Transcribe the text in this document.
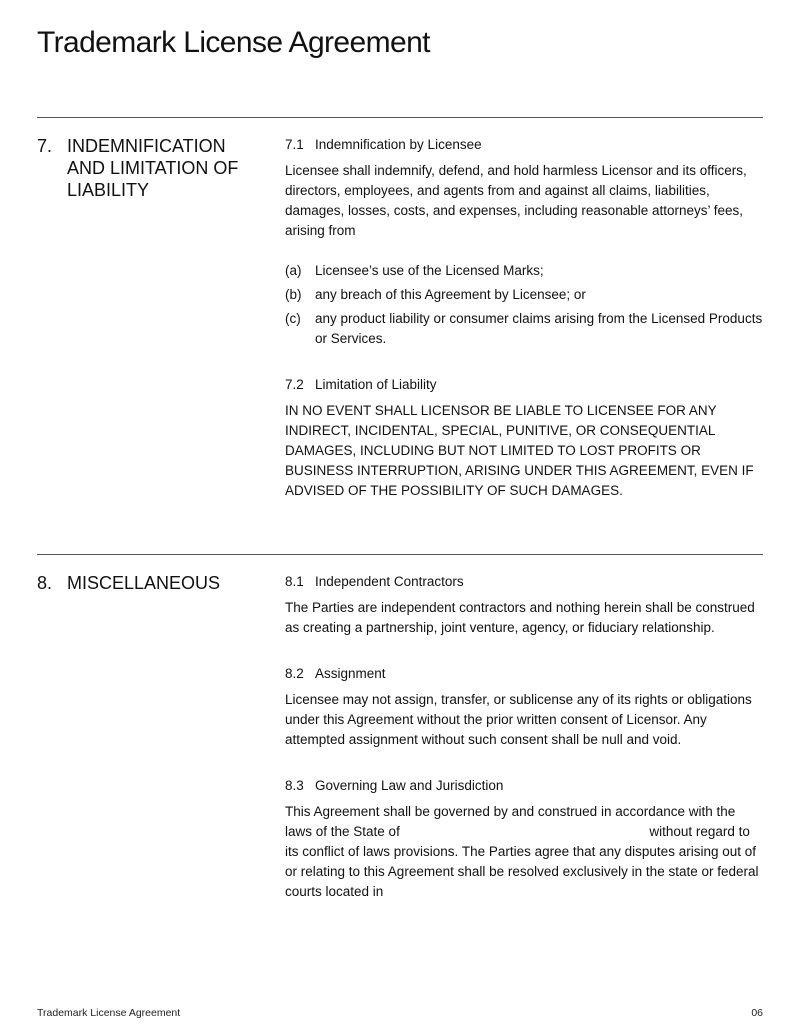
Trademark License Agreement
7. INDEMNIFICATION AND LIMITATION OF LIABILITY
7.1 Indemnification by Licensee

Licensee shall indemnify, defend, and hold harmless Licensor and its officers, directors, employees, and agents from and against all claims, liabilities, damages, losses, costs, and expenses, including reasonable attorneys’ fees, arising from

(a)	Licensee’s use of the Licensed Marks;
(b)	any breach of this Agreement by Licensee; or
(c)	any product liability or consumer claims arising from the Licensed Products or Services.
7.2 Limitation of Liability

IN NO EVENT SHALL LICENSOR BE LIABLE TO LICENSEE FOR ANY INDIRECT, INCIDENTAL, SPECIAL, PUNITIVE, OR CONSEQUENTIAL DAMAGES, INCLUDING BUT NOT LIMITED TO LOST PROFITS OR BUSINESS INTERRUPTION, ARISING UNDER THIS AGREEMENT, EVEN IF ADVISED OF THE POSSIBILITY OF SUCH DAMAGES.

8. MISCELLANEOUS	8.1 Independent Contractors

The Parties are independent contractors and nothing herein shall be construed as creating a partnership, joint venture, agency, or fiduciary relationship.

8.2 Assignment

Licensee may not assign, transfer, or sublicense any of its rights or obligations under this Agreement without the prior written consent of Licensor. Any attempted assignment without such consent shall be null and void.

8.3 Governing Law and Jurisdiction

This Agreement shall be governed by and construed in accordance with the laws of the State of	without regard to its conflict of laws provisions. The Parties agree that any disputes arising out of or relating to this Agreement shall be resolved exclusively in the state or federal courts located in

Trademark License Agreement	06
